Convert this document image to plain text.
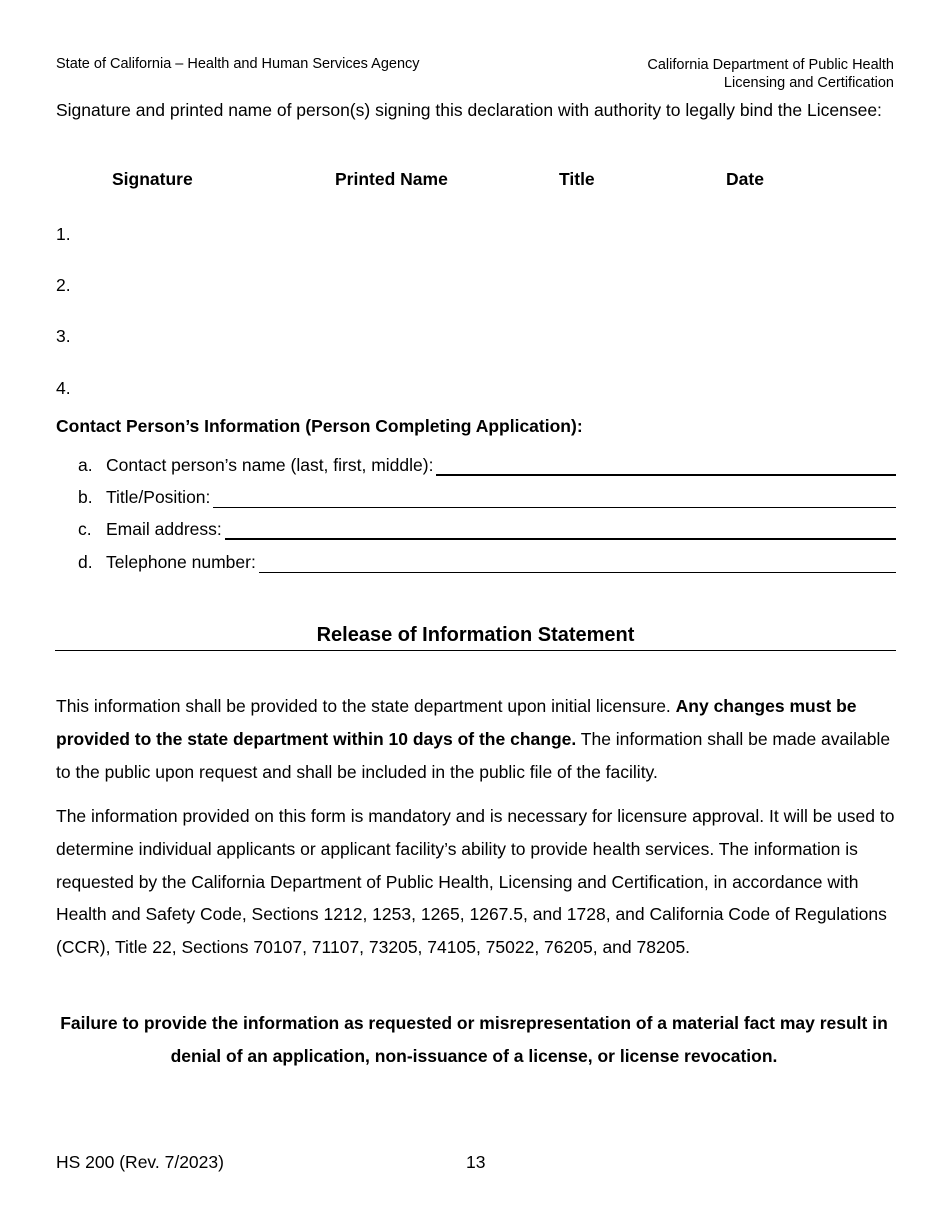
State of California – Health and Human Services Agency	California Department of Public Health
Licensing and Certification
Signature and printed name of person(s) signing this declaration with authority to legally bind the Licensee:
Signature	Printed Name	Title	Date
1.
2.
3.
4.
Contact Person’s Information (Person Completing Application):
a. Contact person’s name (last, first, middle):
b. Title/Position:
c. Email address:
d. Telephone number:
Release of Information Statement
This information shall be provided to the state department upon initial licensure. Any changes must be provided to the state department within 10 days of the change. The information shall be made available to the public upon request and shall be included in the public file of the facility.
The information provided on this form is mandatory and is necessary for licensure approval. It will be used to determine individual applicants or applicant facility’s ability to provide health services. The information is requested by the California Department of Public Health, Licensing and Certification, in accordance with Health and Safety Code, Sections 1212, 1253, 1265, 1267.5, and 1728, and California Code of Regulations (CCR), Title 22, Sections 70107, 71107, 73205, 74105, 75022, 76205, and 78205.
Failure to provide the information as requested or misrepresentation of a material fact may result in denial of an application, non-issuance of a license, or license revocation.
HS 200 (Rev. 7/2023)	13
